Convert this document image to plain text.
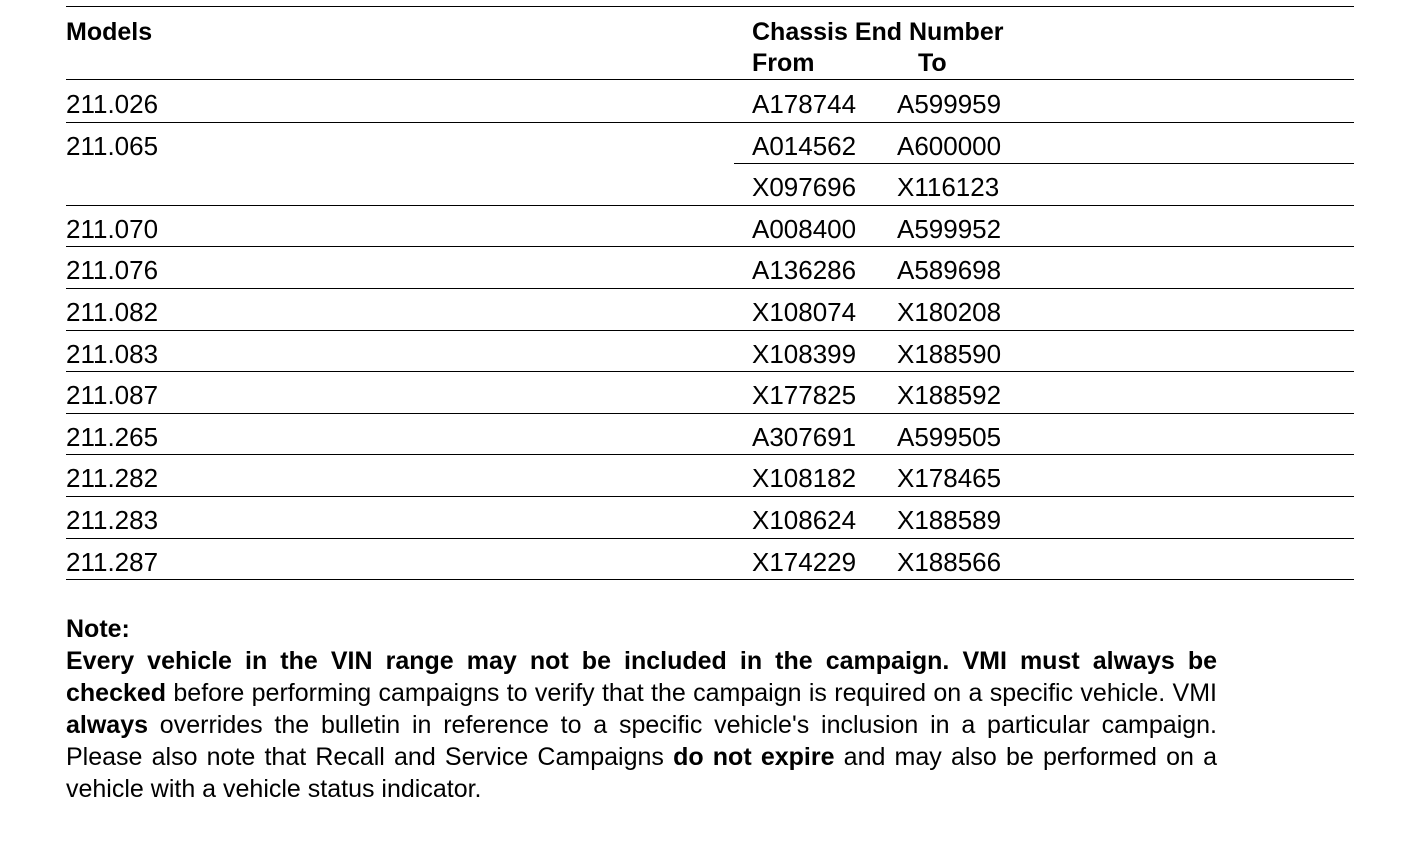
Models	Chassis End Number
From	To
211.026	A178744 A599959
211.065	A014562 A600000
X097696 X116123
211.070	A008400 A599952
211.076	A136286 A589698
211.082	X108074 X180208
211.083	X108399 X188590
211.087	X177825 X188592
211.265	A307691 A599505
211.282	X108182 X178465
211.283	X108624 X188589
211.287	X174229 X188566
Note:

Every vehicle in the VIN range may not be included in the campaign. VMI must always be checked before performing campaigns to verify that the campaign is required on a specific vehicle. VMI always overrides the bulletin in reference to a specific vehicle's inclusion in a particular campaign. Please also note that Recall and Service Campaigns do not expire and may also be performed on a vehicle with a vehicle status indicator.
